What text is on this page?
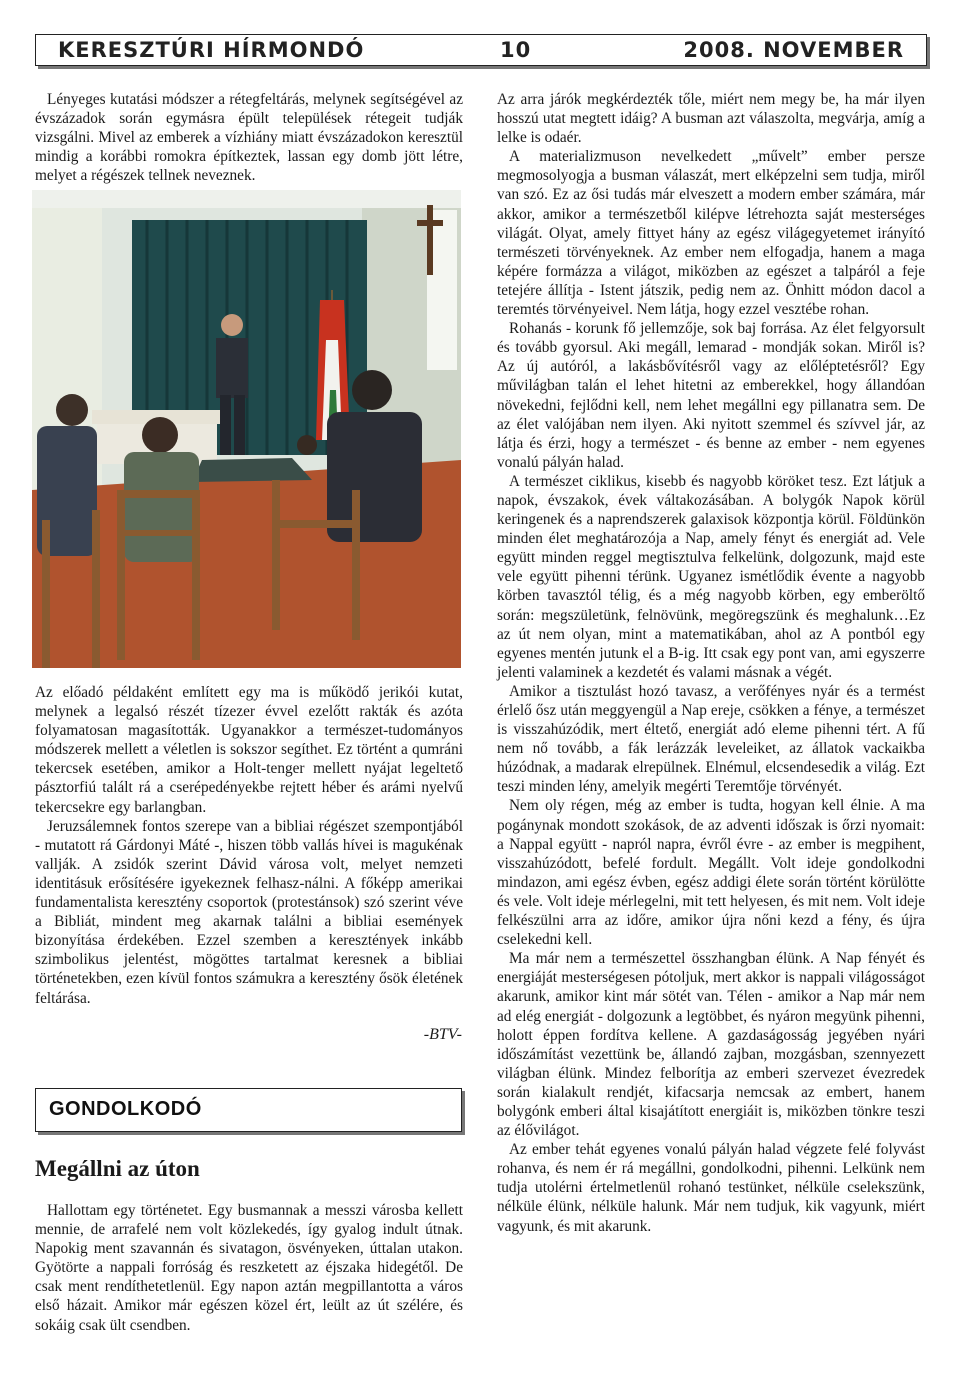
KERESZTÚRI HÍRMONDÓ	10	2008. NOVEMBER

Lényeges kutatási módszer a rétegfeltárás, melynek segítségével az évszázadok során egymásra épült települések rétegeit tudják vizsgálni. Mivel az emberek a vízhiány miatt évszázadokon keresztül mindig a korábbi romokra építkeztek, lassan egy domb jött létre, melyet a régészek tellnek neveznek.

Az előadó példaként említett egy ma is működő jerikói kutat, melynek a legalsó részét tízezer évvel ezelőtt rakták és azóta folyamatosan magasították. Ugyanakkor a természet-tudományos módszerek mellett a véletlen is sokszor segíthet. Ez történt a qumráni tekercsek esetében, amikor a Holt-tenger mellett nyájat legeltető pásztorfiú talált rá a cserépedényekbe rejtett héber és arámi nyelvű tekercsekre egy barlangban.

Jeruzsálemnek fontos szerepe van a bibliai régészet szempontjából - mutatott rá Gárdonyi Máté -, hiszen több vallás hívei is magukénak vallják. A zsidók szerint Dávid városa volt, melyet nemzeti identitásuk erősítésére igyekeznek felhasz-nálni. A főképp amerikai fundamentalista keresztény csoportok (protestánsok) szó szerint véve a Bibliát, mindent meg akarnak találni a bibliai események bizonyítása érdekében. Ezzel szemben a keresztények inkább szimbolikus jelentést, mögöttes tartalmat keresnek a bibliai történetekben, ezen kívül fontos számukra a keresztény ősök életének feltárása.

-BTV-
GONDOLKODÓ
Megállni az úton

Hallottam egy történetet. Egy busmannak a messzi városba kellett mennie, de arrafelé nem volt közlekedés, így gyalog indult útnak. Napokig ment szavannán és sivatagon, ösvényeken, úttalan utakon. Gyötörte a nappali forróság és reszketett az éjszaka hidegétől. De csak ment rendíthetetlenül. Egy napon aztán megpillantotta a város első házait. Amikor már egészen közel ért, leült az út szélére, és sokáig csak ült csendben.

Az arra járók megkérdezték tőle, miért nem megy be, ha már ilyen hosszú utat megtett idáig? A busman azt válaszolta, megvárja, amíg a lelke is odaér.

A materializmuson nevelkedett „művelt” ember persze megmosolyogja a busman válaszát, mert elképzelni sem tudja, miről van szó. Ez az ősi tudás már elveszett a modern ember számára, már akkor, amikor a természetből kilépve létrehozta saját mesterséges világát. Olyat, amely fittyet hány az egész világegyetemet irányító természeti törvényeknek. Az ember nem elfogadja, hanem a maga képére formázza a világot, miközben az egészet a talpáról a feje tetejére állítja - Istent játszik, pedig nem az. Önhitt módon dacol a teremtés törvényeivel. Nem látja, hogy ezzel vesztébe rohan.

Rohanás - korunk fő jellemzője, sok baj forrása. Az élet felgyorsult és tovább gyorsul. Aki megáll, lemarad - mondják sokan. Miről is? Az új autóról, a lakásbővítésről vagy az előléptetésről? Egy művilágban talán el lehet hitetni az emberekkel, hogy állandóan növekedni, fejlődni kell, nem lehet megállni egy pillanatra sem. De az élet valójában nem ilyen. Aki nyitott szemmel és szívvel jár, az látja és érzi, hogy a természet - és benne az ember - nem egyenes vonalú pályán halad.

A természet ciklikus, kisebb és nagyobb köröket tesz. Ezt látjuk a napok, évszakok, évek váltakozásában. A bolygók Napok körül keringenek és a naprendszerek galaxisok központja körül. Földünkön minden élet meghatározója a Nap, amely fényt és energiát ad. Vele együtt minden reggel megtisztulva felkelünk, dolgozunk, majd este vele együtt pihenni térünk. Ugyanez ismétlődik évente a nagyobb körben tavasztól télig, és a még nagyobb körben, egy emberöltő során: megszületünk, felnövünk, megöregszünk és meghalunk…Ez az út nem olyan, mint a matematikában, ahol az A pontból egy egyenes mentén jutunk el a B-ig. Itt csak egy pont van, ami egyszerre jelenti valaminek a kezdetét és valami másnak a végét.

Amikor a tisztulást hozó tavasz, a verőfényes nyár és a termést érlelő ősz után meggyengül a Nap ereje, csökken a fénye, a természet is visszahúzódik, mert éltető, energiát adó eleme pihenni tért. A fű nem nő tovább, a fák lerázzák leveleiket, az állatok vackaikba húzódnak, a madarak elrepülnek. Elnémul, elcsendesedik a világ. Ezt teszi minden lény, amelyik megérti Teremtője törvényét.

Nem oly régen, még az ember is tudta, hogyan kell élnie. A ma pogánynak mondott szokások, de az adventi időszak is őrzi nyomait: a Nappal együtt - napról napra, évről évre - az ember is megpihent, visszahúzódott, befelé fordult. Megállt. Volt ideje gondolkodni mindazon, ami egész évben, egész addigi élete során történt körülötte és vele. Volt ideje mérlegelni, mit tett helyesen, és mit nem. Volt ideje felkészülni arra az időre, amikor újra nőni kezd a fény, és újra cselekedni kell.

Ma már nem a természettel összhangban élünk. A Nap fényét és energiáját mesterségesen pótoljuk, mert akkor is nappali világosságot akarunk, amikor kint már sötét van. Télen - amikor a Nap már nem ad elég energiát - dolgozunk a legtöbbet, és nyáron megyünk pihenni, holott éppen fordítva kellene. A gazdaságosság jegyében nyári időszámítást vezettünk be, állandó zajban, mozgásban, szennyezett világban élünk. Mindez felborítja az emberi szervezet évezredek során kialakult rendjét, kifacsarja nemcsak az embert, hanem bolygónk emberi által kisajátított energiáit is, miközben tönkre teszi az élővilágot.

Az ember tehát egyenes vonalú pályán halad végzete felé folyvást rohanva, és nem ér rá megállni, gondolkodni, pihenni. Lelkünk nem tudja utolérni értelmetlenül rohanó testünket, nélküle cselekszünk, nélküle élünk, nélküle halunk. Már nem tudjuk, kik vagyunk, miért vagyunk, és mit akarunk.
